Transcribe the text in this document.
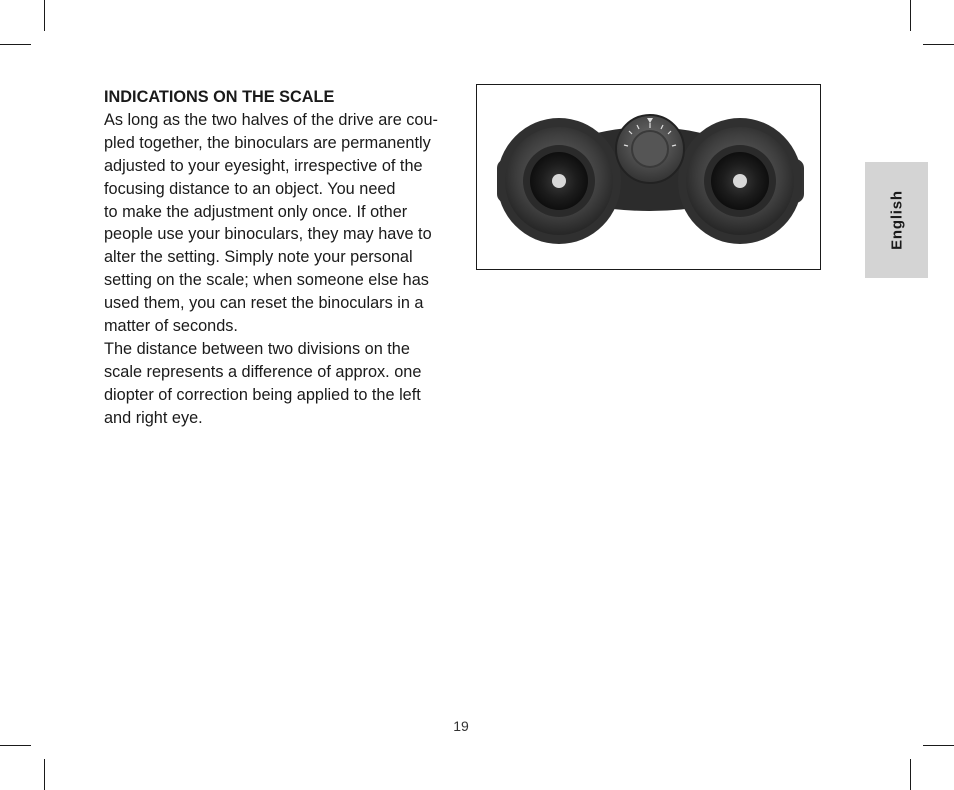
INDICATIONS ON THE SCALE

As long as the two halves of the drive are cou-
pled together, the binoculars are permanently
adjusted to your eyesight, irrespective of the
focusing distance to an object. You need
to make the adjustment only once. If other
people use your binoculars, they may have to
alter the setting. Simply note your personal
setting on the scale; when someone else has
used them, you can reset the binoculars in a
matter of seconds.

The distance between two divisions on the
scale represents a difference of approx. one
diopter of correction being applied to the left
and right eye.

English
19
